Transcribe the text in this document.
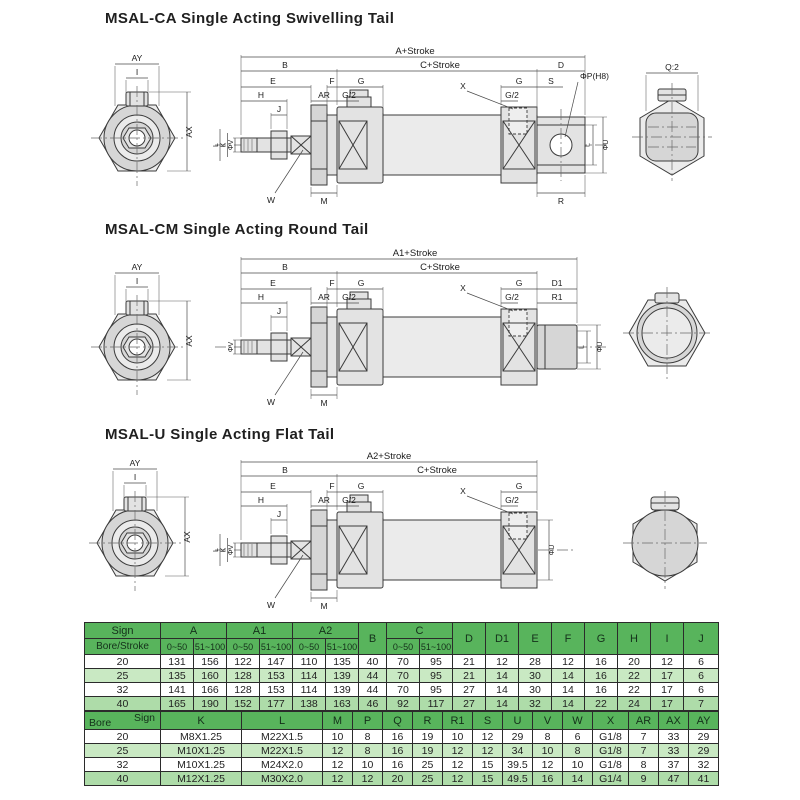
MSAL-CA Single Acting Swivelling Tail
AY
I
AX
A+Stroke
B	C+Stroke	D
E
H
J
F
AR
G
G/2
X	G
G/2
S	ΦP(H8)
L ΦU
M
W	R
ΦV
K
L
Q:2
MSAL-CM Single Acting Round Tail
AY
I
AX
A1+Stroke
B	C+Stroke
E
H
J
F
AR
G
G/2
X	G
G/2
D1
R1
L ΦU
M
W
ΦV
MSAL-U Single Acting Flat Tail
AY
I
AX
A2+Stroke
B	C+Stroke
E
H
J
F
AR
G
G/2
X	G
G/2
ΦU
M
W
ΦV
K
L
Sign	A		A1		A2		B	C		D	D1	E	F	G	H	I	J
Bore/Stroke	0~50	51~100	0~50	51~100	0~50	51~100		0~50	51~100								
20	131	156	122	147	110	135	40	70	95	21	12	28	12	16	20	12	6
25	135	160	128	153	114	139	44	70	95	21	14	30	14	16	22	17	6
32	141	166	128	153	114	139	44	70	95	27	14	30	14	16	22	17	6
40	165	190	152	177	138	163	46	92	117	27	14	32	14	22	24	17	7
Sign
Bore	K	L	M	P	Q	R	R1	S	U	V	W	X	AR	AX	AY
20	M8X1.25	M22X1.5	10	8	16	19	10	12	29	8	6	G1/8	7	33	29
25	M10X1.25	M22X1.5	12	8	16	19	12	12	34	10	8	G1/8	7	33	29
32	M10X1.25	M24X2.0	12	10	16	25	12	15	39.5	12	10	G1/8	8	37	32
40	M12X1.25	M30X2.0	12	12	20	25	12	15	49.5	16	14	G1/4	9	47	41
